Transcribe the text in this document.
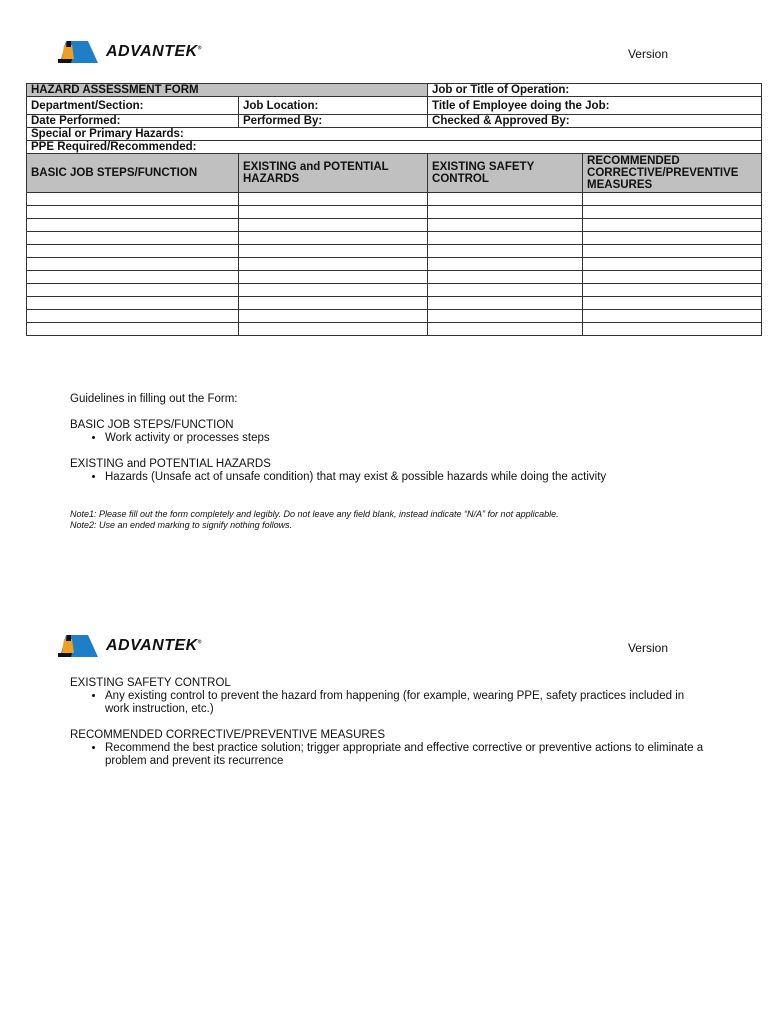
ADVANTEK®	Version
HAZARD ASSESSMENT FORM		Job or Title of Operation:	
Department/Section:	Job Location:	Title of Employee doing the Job:	
Date Performed:	Performed By:	Checked & Approved By:	
Special or Primary Hazards:			
PPE Required/Recommended:			
BASIC JOB STEPS/FUNCTION	EXISTING and POTENTIAL HAZARDS	EXISTING SAFETY CONTROL	RECOMMENDED CORRECTIVE/PREVENTIVE MEASURES

Guidelines in filling out the Form:

BASIC JOB STEPS/FUNCTION

• Work activity or processes steps

EXISTING and POTENTIAL HAZARDS

• Hazards (Unsafe act of unsafe condition) that may exist & possible hazards while doing the activity

Note1: Please fill out the form completely and legibly. Do not leave any field blank, instead indicate “N/A” for not applicable.

Note2: Use an ended marking to signify nothing follows.

ADVANTEK®	Version

EXISTING SAFETY CONTROL

• Any existing control to prevent the hazard from happening (for example, wearing PPE, safety practices included in work instruction, etc.)

RECOMMENDED CORRECTIVE/PREVENTIVE MEASURES

• Recommend the best practice solution; trigger appropriate and effective corrective or preventive actions to eliminate a problem and prevent its recurrence
